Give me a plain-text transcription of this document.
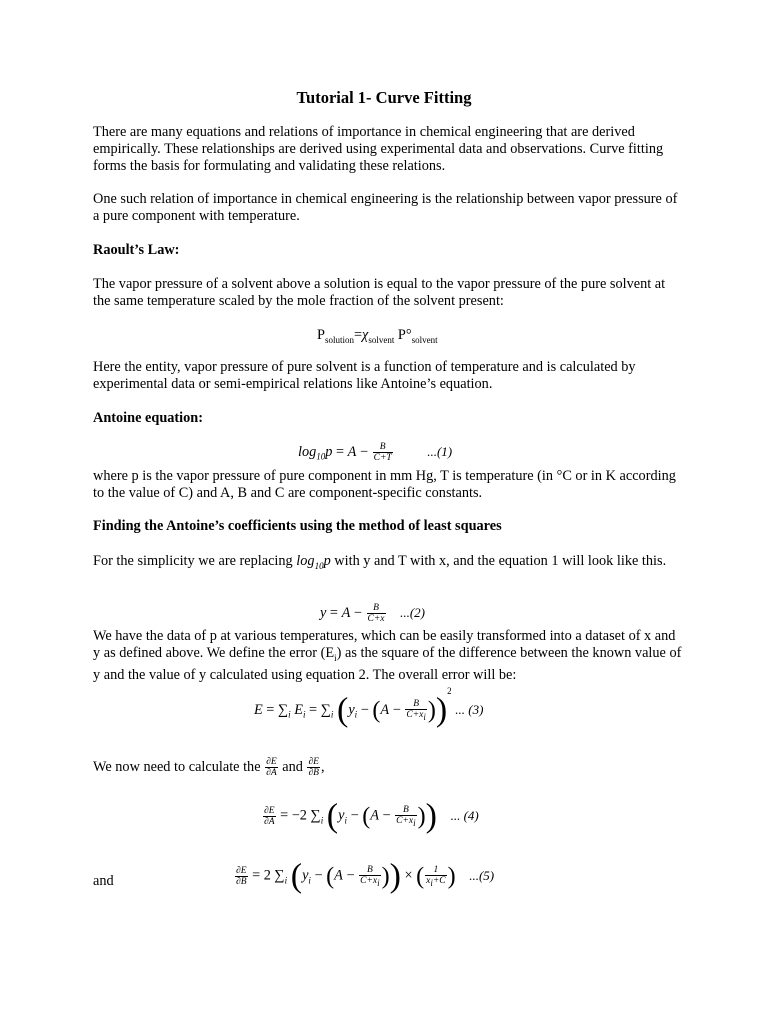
Tutorial 1- Curve Fitting
There are many equations and relations of importance in chemical engineering that are derived empirically. These relationships are derived using experimental data and observations. Curve fitting forms the basis for formulating and validating these relations.
One such relation of importance in chemical engineering is the relationship between vapor pressure of a pure component with temperature.
Raoult’s Law:
The vapor pressure of a solvent above a solution is equal to the vapor pressure of the pure solvent at the same temperature scaled by the mole fraction of the solvent present:
$P_{solution}=\chi_{solvent}$ $P^\circ_{solvent}$
Here the entity, vapor pressure of pure solvent is a function of temperature and is calculated by experimental data or semi-empirical relations like Antoine’s equation.
Antoine equation:
$\log_{10}p = A - \frac{B}{C+T}$	...(1)
where p is the vapor pressure of pure component in mm Hg, T is temperature (in °C or in K according to the value of C) and A, B and C are component-specific constants.
Finding the Antoine’s coefficients using the method of least squares
For the simplicity we are replacing $\log_{10}p$ with y and T with x, and the equation 1 will look like this.
$y = A - \frac{B}{C+x} ...(2)$
We have the data of p at various temperatures, which can be easily transformed into a dataset of x and y as defined above. We define the error $(E_i)$ as the square of the difference between the known value of y and the value of y calculated using equation 2. The overall error will be:
$E = \sum_i$ $E_i = \sum_i$ $(y_i - (A - \frac{B}{C+x_i} ))^2$ ... (3)
We now need to calculate the $\frac{\partial E}{\partial A}$ and $\frac{\partial E}{\partial B}$ ,
$\frac{\partial E}{\partial A} = -2$ $\sum_i$ ($y_i - (A - \frac{B}{C+x_i}$ )) ... (4)
and	$\frac{\partial E}{\partial B} = 2$ $\sum_i$ ($y_i - (A - \frac{B}{C+x_i}$ )) × ( $\frac{1}{x_i+C}$ ) ...(5)
